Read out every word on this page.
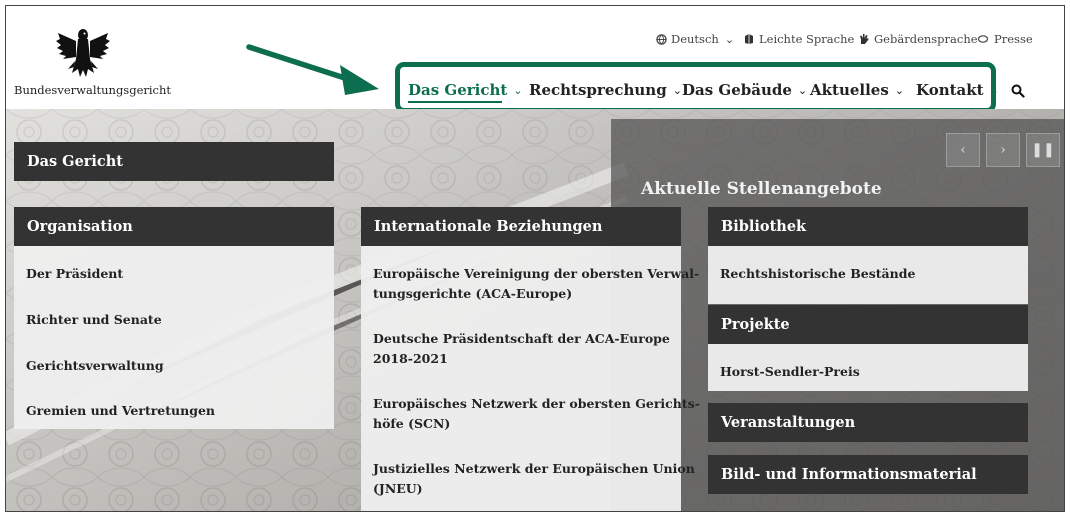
Bundesverwaltungsgericht
Deutsch ⌄ Leichte Sprache Gebärdensprache Presse
Das Gericht ⌄ Rechtsprechung ⌄ Das Gebäude ⌄ Aktuelles ⌄ Kontakt ⌄
‹ › ❚❚
Aktuelle Stellenangebote
Das Gericht
Organisation
Der Präsident
Richter und Senate
Gerichtsverwaltung
Gremien und Vertretungen
Internationale Beziehungen
Europäische Vereinigung der obersten Verwal-
tungsgerichte (ACA-Europe)
Deutsche Präsidentschaft der ACA-Europe
2018-2021
Europäisches Netzwerk der obersten Gerichts-
höfe (SCN)
Justizielles Netzwerk der Europäischen Union
(JNEU)
Bibliothek
Rechtshistorische Bestände
Projekte
Horst-Sendler-Preis
Veranstaltungen
Bild- und Informationsmaterial
